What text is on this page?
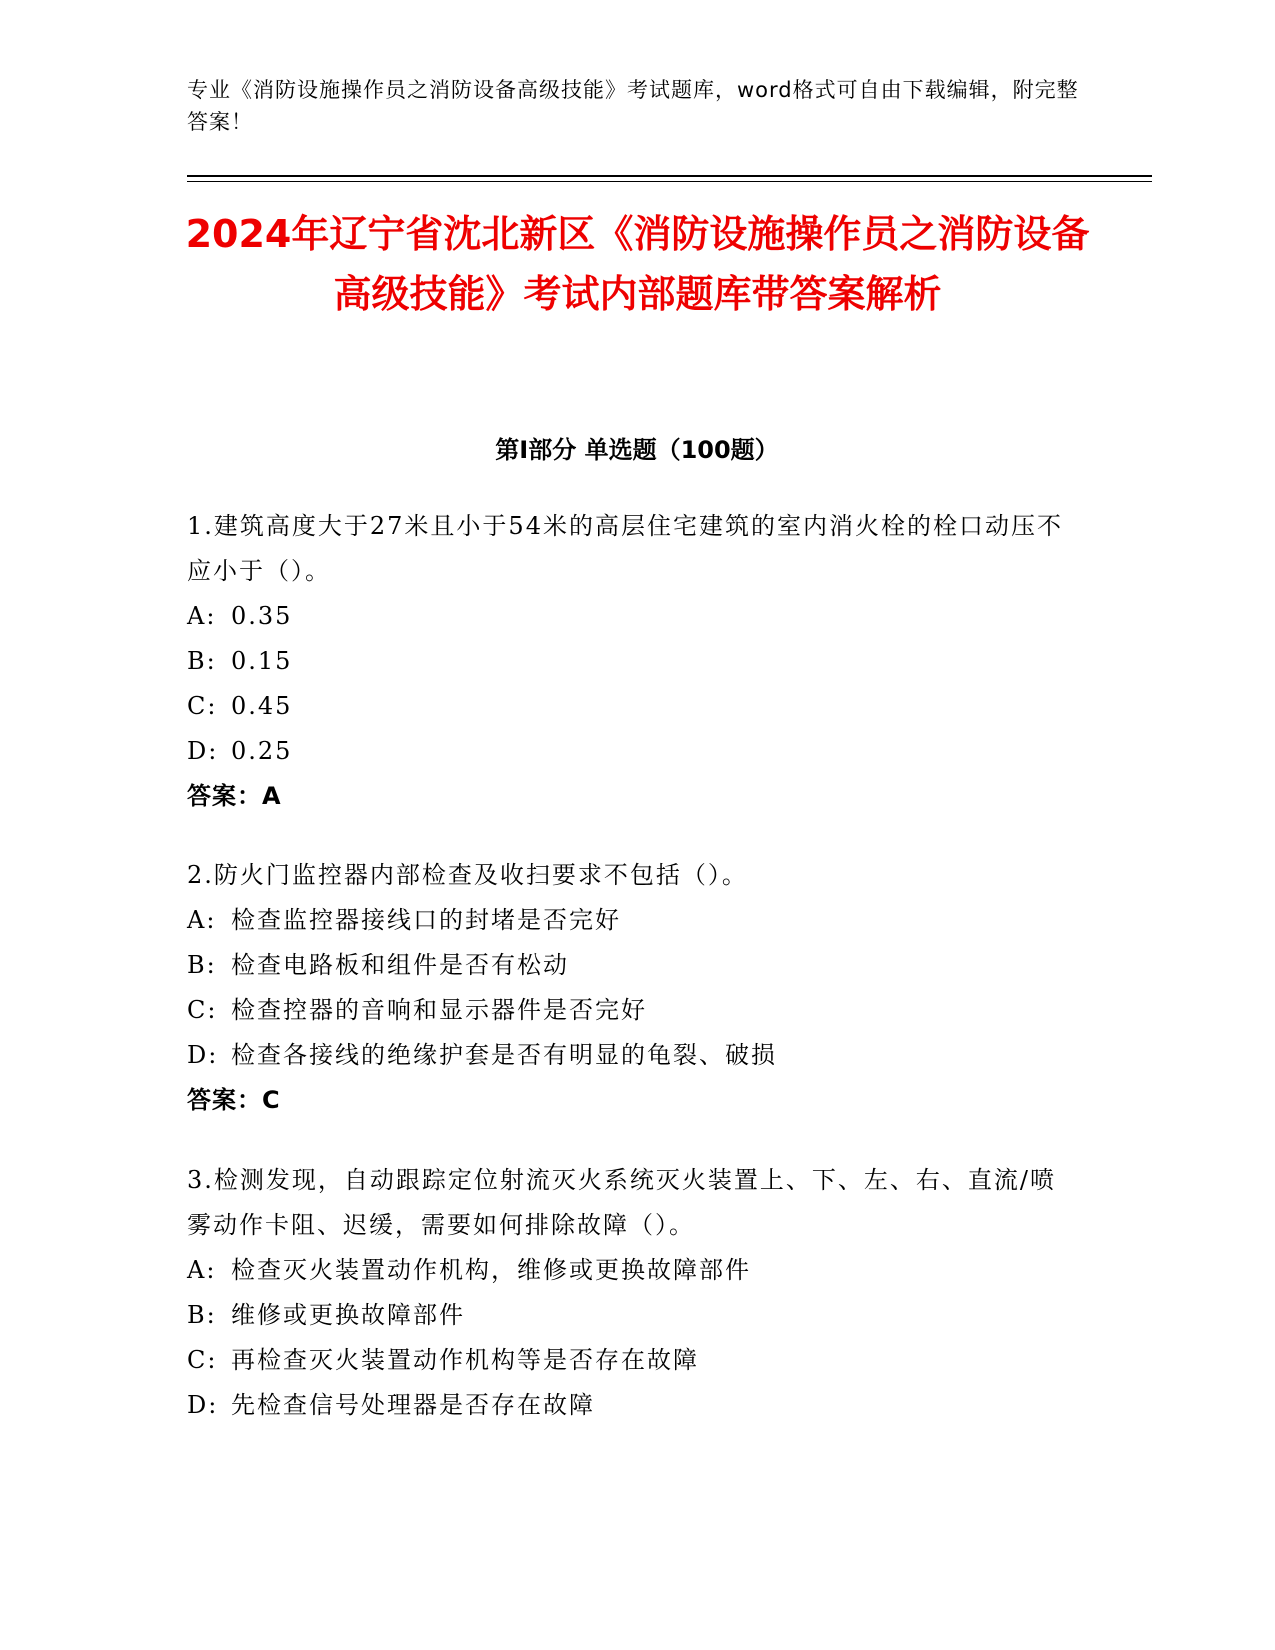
专业《消防设施操作员之消防设备高级技能》考试题库，word格式可自由下载编辑，附完整答案！
2024年辽宁省沈北新区《消防设施操作员之消防设备高级技能》考试内部题库带答案解析
第I部分 单选题（100题）
1.建筑高度大于27米且小于54米的高层住宅建筑的室内消火栓的栓口动压不应小于（）。
A: 0.35
B: 0.15
C: 0.45
D: 0.25
答案：A
2.防火门监控器内部检查及收扫要求不包括（）。
A: 检查监控器接线口的封堵是否完好
B: 检查电路板和组件是否有松动
C: 检查控器的音响和显示器件是否完好
D: 检查各接线的绝缘护套是否有明显的龟裂、破损
答案：C
3.检测发现，自动跟踪定位射流灭火系统灭火装置上、下、左、右、直流/喷雾动作卡阻、迟缓，需要如何排除故障（）。
A: 检查灭火装置动作机构，维修或更换故障部件
B: 维修或更换故障部件
C: 再检查灭火装置动作机构等是否存在故障
D: 先检查信号处理器是否存在故障
